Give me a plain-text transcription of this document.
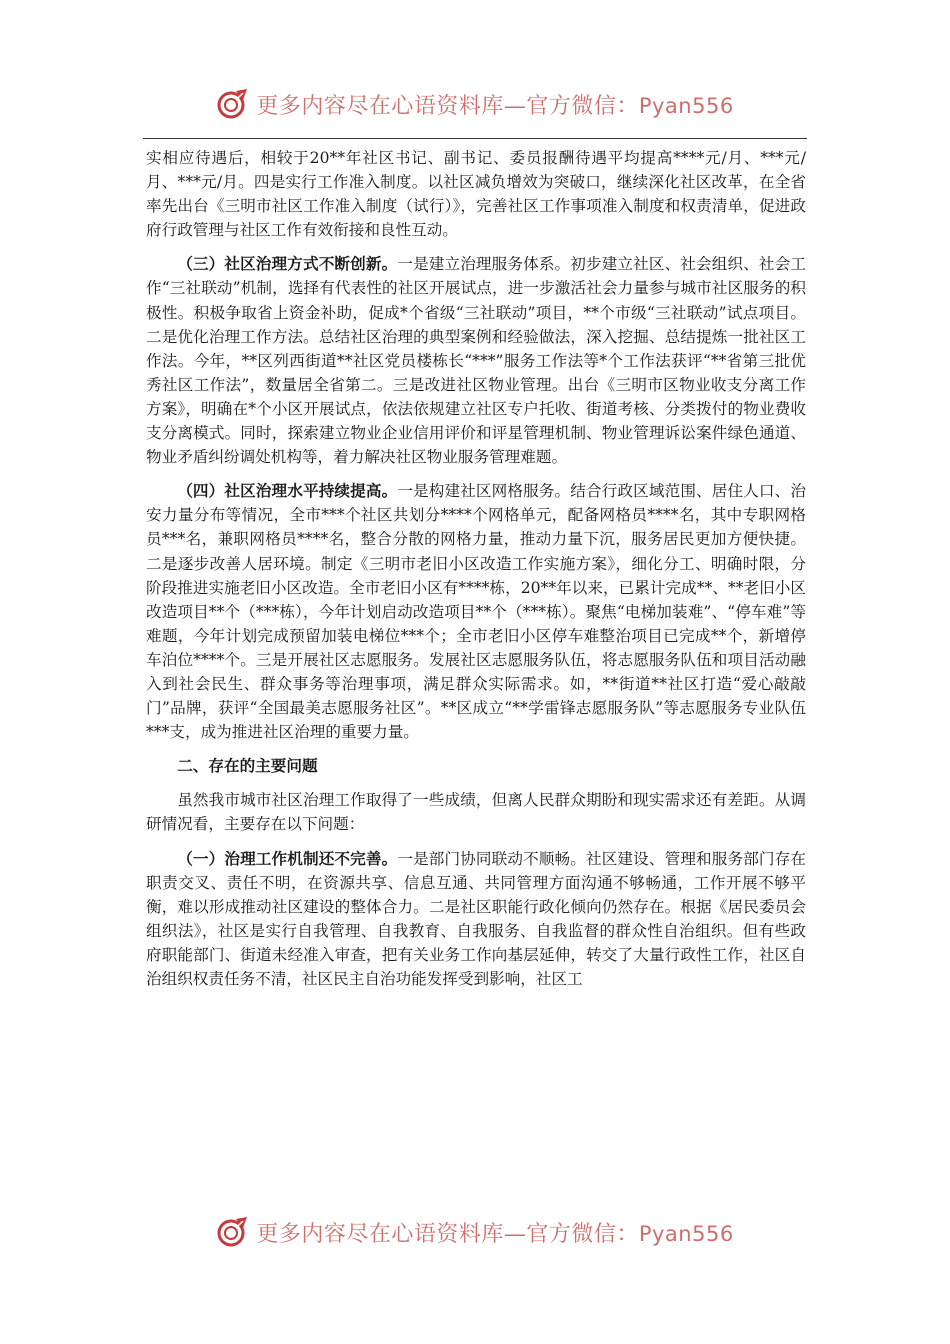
更多内容尽在心语资料库—官方微信：Pyan556

实相应待遇后，相较于20**年社区书记、副书记、委员报酬待遇平均提高****元/月、***元/月、***元/月。四是实行工作准入制度。以社区减负增效为突破口，继续深化社区改革，在全省率先出台《三明市社区工作准入制度（试行）》，完善社区工作事项准入制度和权责清单，促进政府行政管理与社区工作有效衔接和良性互动。

（三）社区治理方式不断创新。一是建立治理服务体系。初步建立社区、社会组织、社会工作“三社联动”机制，选择有代表性的社区开展试点，进一步激活社会力量参与城市社区服务的积极性。积极争取省上资金补助，促成*个省级“三社联动”项目，**个市级“三社联动”试点项目。二是优化治理工作方法。总结社区治理的典型案例和经验做法，深入挖掘、总结提炼一批社区工作法。今年，**区列西街道**社区党员楼栋长“***”服务工作法等*个工作法获评“**省第三批优秀社区工作法”，数量居全省第二。三是改进社区物业管理。出台《三明市区物业收支分离工作方案》，明确在*个小区开展试点，依法依规建立社区专户托收、街道考核、分类拨付的物业费收支分离模式。同时，探索建立物业企业信用评价和评星管理机制、物业管理诉讼案件绿色通道、物业矛盾纠纷调处机构等，着力解决社区物业服务管理难题。

（四）社区治理水平持续提高。一是构建社区网格服务。结合行政区域范围、居住人口、治安力量分布等情况，全市***个社区共划分****个网格单元，配备网格员****名，其中专职网格员***名，兼职网格员****名，整合分散的网格力量，推动力量下沉，服务居民更加方便快捷。二是逐步改善人居环境。制定《三明市老旧小区改造工作实施方案》，细化分工、明确时限，分阶段推进实施老旧小区改造。全市老旧小区有****栋，20**年以来，已累计完成**、**老旧小区改造项目**个（***栋），今年计划启动改造项目**个（***栋）。聚焦“电梯加装难”、“停车难”等难题，今年计划完成预留加装电梯位***个；全市老旧小区停车难整治项目已完成**个，新增停车泊位****个。三是开展社区志愿服务。发展社区志愿服务队伍，将志愿服务队伍和项目活动融入到社会民生、群众事务等治理事项，满足群众实际需求。如，**街道**社区打造“爱心敲敲门”品牌，获评“全国最美志愿服务社区”。**区成立“**学雷锋志愿服务队”等志愿服务专业队伍***支，成为推进社区治理的重要力量。

二、存在的主要问题

虽然我市城市社区治理工作取得了一些成绩，但离人民群众期盼和现实需求还有差距。从调研情况看，主要存在以下问题：

（一）治理工作机制还不完善。一是部门协同联动不顺畅。社区建设、管理和服务部门存在职责交叉、责任不明，在资源共享、信息互通、共同管理方面沟通不够畅通，工作开展不够平衡，难以形成推动社区建设的整体合力。二是社区职能行政化倾向仍然存在。根据《居民委员会组织法》，社区是实行自我管理、自我教育、自我服务、自我监督的群众性自治组织。但有些政府职能部门、街道未经准入审查，把有关业务工作向基层延伸，转交了大量行政性工作，社区自治组织权责任务不清，社区民主自治功能发挥受到影响，社区工

更多内容尽在心语资料库—官方微信：Pyan556
